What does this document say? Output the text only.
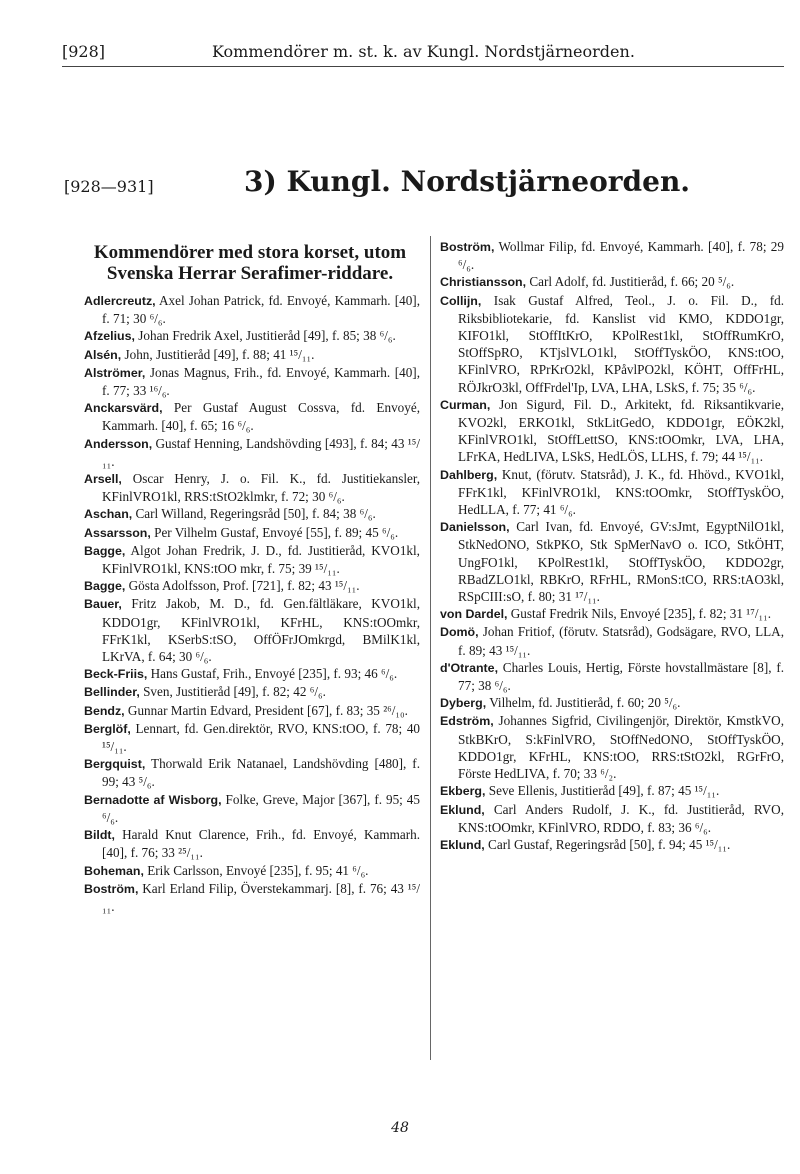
[928]	Kommendörer m. st. k. av Kungl. Nordstjärneorden.
[928—931]	3) Kungl. Nordstjärneorden.
Kommendörer med stora korset, utom Svenska Herrar Serafimer-riddare.

Adlercreutz, Axel Johan Patrick, fd. Envoyé, Kammarh. [40], f. 71; 30 ⁶/₆.

Afzelius, Johan Fredrik Axel, Justitieråd [49], f. 85; 38 ⁶/₆.

Alsén, John, Justitieråd [49], f. 88; 41 ¹⁵/₁₁.

Alströmer, Jonas Magnus, Frih., fd. Envoyé, Kammarh. [40], f. 77; 33 ¹⁶/₆.

Anckarsvärd, Per Gustaf August Cossva, fd. Envoyé, Kammarh. [40], f. 65; 16 ⁶/₆.

Andersson, Gustaf Henning, Landshövding [493], f. 84; 43 ¹⁵/₁₁.

Arsell, Oscar Henry, J. o. Fil. K., fd. Justitiekansler, KFinlVRO1kl, RRS:tStO2klmkr, f. 72; 30 ⁶/₆.

Aschan, Carl Willand, Regeringsråd [50], f. 84; 38 ⁶/₆.

Assarsson, Per Vilhelm Gustaf, Envoyé [55], f. 89; 45 ⁶/₆.

Bagge, Algot Johan Fredrik, J. D., fd. Justitieråd, KVO1kl, KFinlVRO1kl, KNS:tOO mkr, f. 75; 39 ¹⁵/₁₁.

Bagge, Gösta Adolfsson, Prof. [721], f. 82; 43 ¹⁵/₁₁.

Bauer, Fritz Jakob, M. D., fd. Gen.fältläkare, KVO1kl, KDDO1gr, KFinlVRO1kl, KFrHL, KNS:tOOmkr, FFrK1kl, KSerbS:tSO, OffÖFrJOmkrgd, BMilK1kl, LKrVA, f. 64; 30 ⁶/₆.

Beck-Friis, Hans Gustaf, Frih., Envoyé [235], f. 93; 46 ⁶/₆.

Bellinder, Sven, Justitieråd [49], f. 82; 42 ⁶/₆.

Bendz, Gunnar Martin Edvard, President [67], f. 83; 35 ²⁶/₁₀.

Berglöf, Lennart, fd. Gen.direktör, RVO, KNS:tOO, f. 78; 40 ¹⁵/₁₁.

Bergquist, Thorwald Erik Natanael, Landshövding [480], f. 99; 43 ⁵/₆.

Bernadotte af Wisborg, Folke, Greve, Major [367], f. 95; 45 ⁶/₆.

Bildt, Harald Knut Clarence, Frih., fd. Envoyé, Kammarh. [40], f. 76; 33 ²⁵/₁₁.

Boheman, Erik Carlsson, Envoyé [235], f. 95; 41 ⁶/₆.

Boström, Karl Erland Filip, Överstekammarj. [8], f. 76; 43 ¹⁵/₁₁.

Boström, Wollmar Filip, fd. Envoyé, Kammarh. [40], f. 78; 29 ⁶/₆.

Christiansson, Carl Adolf, fd. Justitieråd, f. 66; 20 ⁵/₆.

Collijn, Isak Gustaf Alfred, Teol., J. o. Fil. D., fd. Riksbibliotekarie, fd. Kanslist vid KMO, KDDO1gr, KIFO1kl, StOffItKrO, KPolRest1kl, StOffRumKrO, StOffSpRO, KTjslVLO1kl, StOffTyskÖO, KNS:tOO, KFinlVRO, RPrKrO2kl, KPåvlPO2kl, KÖHT, OffFrHL, RÖJkrO3kl, OffFrdel'Ip, LVA, LHA, LSkS, f. 75; 35 ⁶/₆.

Curman, Jon Sigurd, Fil. D., Arkitekt, fd. Riksantikvarie, KVO2kl, ERKO1kl, StkLitGedO, KDDO1gr, EÖK2kl, KFinlVRO1kl, StOffLettSO, KNS:tOOmkr, LVA, LHA, LFrKA, HedLIVA, LSkS, HedLÖS, LLHS, f. 79; 44 ¹⁵/₁₁.

Dahlberg, Knut, (förutv. Statsråd), J. K., fd. Hhövd., KVO1kl, FFrK1kl, KFinlVRO1kl, KNS:tOOmkr, StOffTyskÖO, HedLLA, f. 77; 41 ⁶/₆.

Danielsson, Carl Ivan, fd. Envoyé, GV:sJmt, EgyptNilO1kl, StkNedONO, StkPKO, Stk SpMerNavO o. ICO, StkÖHT, UngFO1kl, KPolRest1kl, StOffTyskÖO, KDDO2gr, RBadZLO1kl, RBKrO, RFrHL, RMonS:tCO, RRS:tAO3kl, RSpCIII:sO, f. 80; 31 ¹⁷/₁₁.

von Dardel, Gustaf Fredrik Nils, Envoyé [235], f. 82; 31 ¹⁷/₁₁.

Domö, Johan Fritiof, (förutv. Statsråd), Godsägare, RVO, LLA, f. 89; 43 ¹⁵/₁₁.

d'Otrante, Charles Louis, Hertig, Förste hovstallmästare [8], f. 77; 38 ⁶/₆.

Dyberg, Vilhelm, fd. Justitieråd, f. 60; 20 ⁵/₆.

Edström, Johannes Sigfrid, Civilingenjör, Direktör, KmstkVO, StkBKrO, S:kFinlVRO, StOffNedONO, StOffTyskÖO, KDDO1gr, KFrHL, KNS:tOO, RRS:tStO2kl, RGrFrO, Förste HedLIVA, f. 70; 33 ⁶/₂.

Ekberg, Seve Ellenis, Justitieråd [49], f. 87; 45 ¹⁵/₁₁.

Eklund, Carl Anders Rudolf, J. K., fd. Justitieråd, RVO, KNS:tOOmkr, KFinlVRO, RDDO, f. 83; 36 ⁶/₆.

Eklund, Carl Gustaf, Regeringsråd [50], f. 94; 45 ¹⁵/₁₁.

48
